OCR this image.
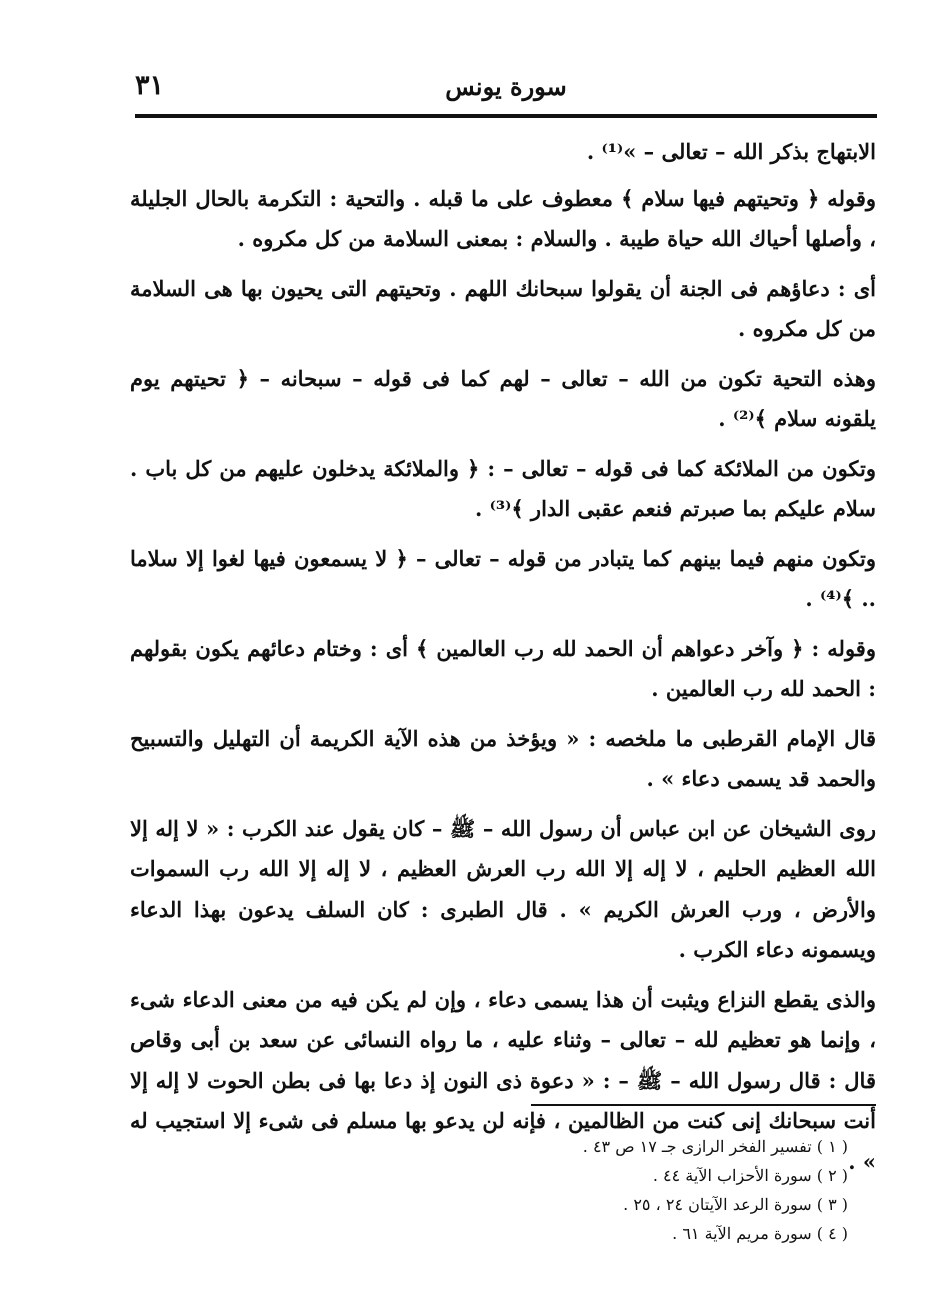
٣١	سورة يونس

الابتهاج بذكر الله – تعالى – »⁽¹⁾ .

وقوله ﴿ وتحيتهم فيها سلام ﴾ معطوف على ما قبله . والتحية : التكرمة بالحال الجليلة ، وأصلها أحياك الله حياة طيبة . والسلام : بمعنى السلامة من كل مكروه .

أى : دعاؤهم فى الجنة أن يقولوا سبحانك اللهم . وتحيتهم التى يحيون بها هى السلامة من كل مكروه .

وهذه التحية تكون من الله – تعالى – لهم كما فى قوله – سبحانه – ﴿ تحيتهم يوم يلقونه سلام ﴾⁽²⁾ .

وتكون من الملائكة كما فى قوله – تعالى – : ﴿ والملائكة يدخلون عليهم من كل باب . سلام عليكم بما صبرتم فنعم عقبى الدار ﴾⁽³⁾ .

وتكون منهم فيما بينهم كما يتبادر من قوله – تعالى – ﴿ لا يسمعون فيها لغوا إلا سلاما .. ﴾⁽⁴⁾ .

وقوله : ﴿ وآخر دعواهم أن الحمد لله رب العالمين ﴾ أى : وختام دعائهم يكون بقولهم : الحمد لله رب العالمين .

قال الإمام القرطبى ما ملخصه : « ويؤخذ من هذه الآية الكريمة أن التهليل والتسبيح والحمد قد يسمى دعاء » .

روى الشيخان عن ابن عباس أن رسول الله – ﷺ – كان يقول عند الكرب : « لا إله إلا الله العظيم الحليم ، لا إله إلا الله رب العرش العظيم ، لا إله إلا الله رب السموات والأرض ، ورب العرش الكريم » . قال الطبرى : كان السلف يدعون بهذا الدعاء ويسمونه دعاء الكرب .

والذى يقطع النزاع ويثبت أن هذا يسمى دعاء ، وإن لم يكن فيه من معنى الدعاء شىء ، وإنما هو تعظيم لله – تعالى – وثناء عليه ، ما رواه النسائى عن سعد بن أبى وقاص قال : قال رسول الله – ﷺ – : « دعوة ذى النون إذ دعا بها فى بطن الحوت لا إله إلا أنت سبحانك إنى كنت من الظالمين ، فإنه لن يدعو بها مسلم فى شىء إلا استجيب له » .

( ١ ) تفسير الفخر الرازى جـ ١٧ ص ٤٣ .
( ٢ ) سورة الأحزاب الآية ٤٤ .
( ٣ ) سورة الرعد الآيتان ٢٤ ، ٢٥ .
( ٤ ) سورة مريم الآية ٦١ .
